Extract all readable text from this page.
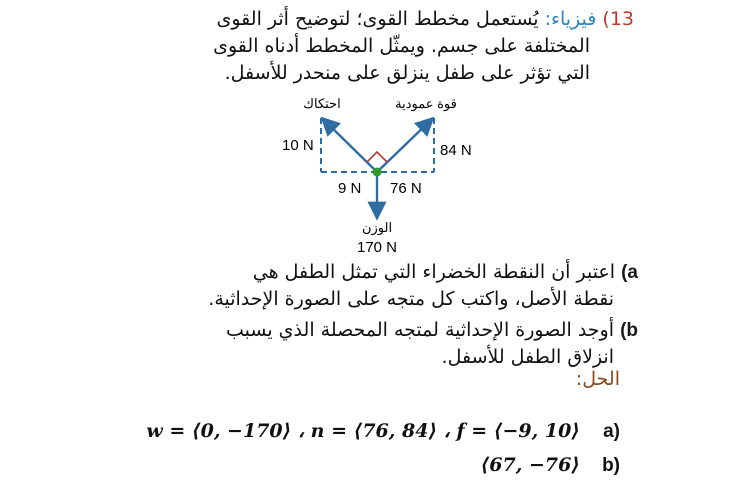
13) فيزياء: يُستعمل مخطط القوى؛ لتوضيح أثر القوى
المختلفة على جسم. ويمثّل المخطط أدناه القوى
التي تؤثر على طفل ينزلق على منحدر للأسفل.
احتكاك	قوة عمودية
10 N	84 N
9 N 76 N
الوزن
170 N
a) اعتبر أن النقطة الخضراء التي تمثل الطفل هي
نقطة الأصل، واكتب كل متجه على الصورة الإحداثية.
b) أوجد الصورة الإحداثية لمتجه المحصلة الذي يسبب
انزلاق الطفل للأسفل.
الحل:
w = ⟨0, −170⟩ ، n = ⟨76, 84⟩ ، f = ⟨−9, 10⟩ a)
⟨67, −76⟩ b)
